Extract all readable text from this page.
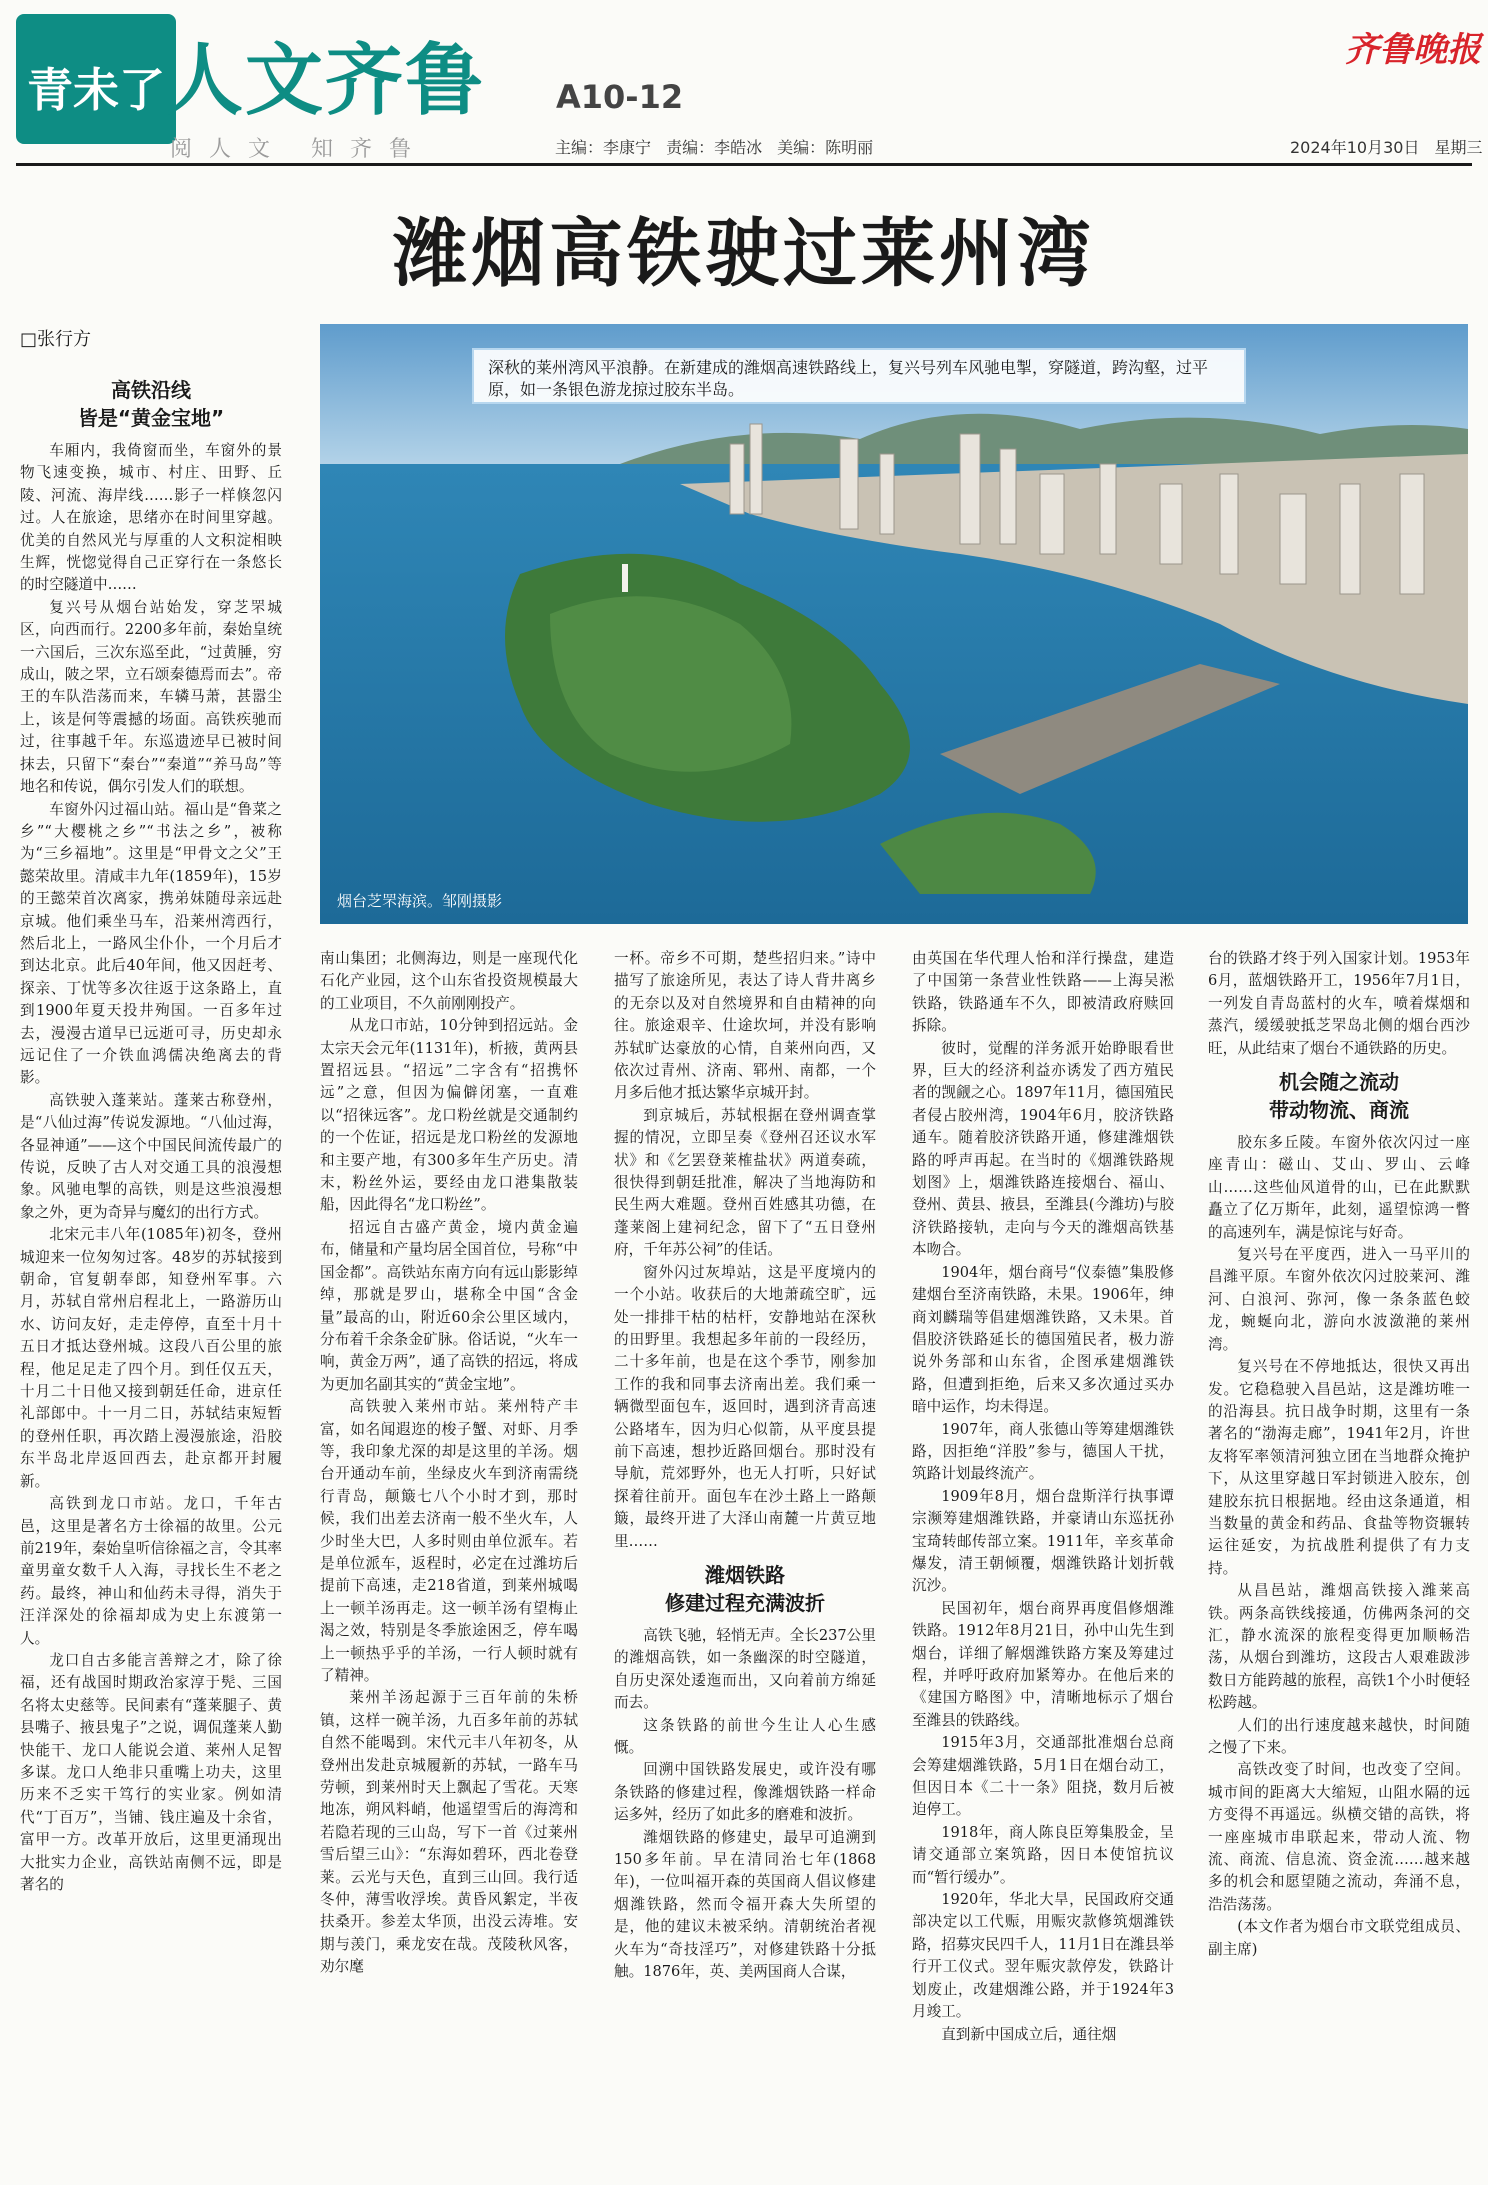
青未了 人文齐鲁 A10-12
阅人文 知齐鲁	主编：李康宁 责编：李皓冰 美编：陈明丽
齐鲁晚报
2024年10月30日 星期三
潍烟高铁驶过莱州湾
□张行方
深秋的莱州湾风平浪静。在新建成的潍烟高速铁路线上，复兴号列车风驰电掣，穿隧道，跨沟壑，过平原，如一条银色游龙掠过胶东半岛。
烟台芝罘海滨。邹刚摄影
高铁沿线
皆是“黄金宝地”

车厢内，我倚窗而坐，车窗外的景物飞速变换，城市、村庄、田野、丘陵、河流、海岸线……影子一样倏忽闪过。人在旅途，思绪亦在时间里穿越。优美的自然风光与厚重的人文积淀相映生辉，恍惚觉得自己正穿行在一条悠长的时空隧道中……

复兴号从烟台站始发，穿芝罘城区，向西而行。2200多年前，秦始皇统一六国后，三次东巡至此，“过黄腄，穷成山，陂之罘，立石颂秦德焉而去”。帝王的车队浩荡而来，车辚马萧，甚嚣尘上，该是何等震撼的场面。高铁疾驰而过，往事越千年。东巡遗迹早已被时间抹去，只留下“秦台”“秦道”“养马岛”等地名和传说，偶尔引发人们的联想。

车窗外闪过福山站。福山是“鲁菜之乡”“大樱桃之乡”“书法之乡”，被称为“三乡福地”。这里是“甲骨文之父”王懿荣故里。清咸丰九年(1859年)，15岁的王懿荣首次离家，携弟妹随母亲远赴京城。他们乘坐马车，沿莱州湾西行，然后北上，一路风尘仆仆，一个月后才到达北京。此后40年间，他又因赶考、探亲、丁忧等多次往返于这条路上，直到1900年夏天投井殉国。一百多年过去，漫漫古道早已远逝可寻，历史却永远记住了一介铁血鸿儒决绝离去的背影。

高铁驶入蓬莱站。蓬莱古称登州，是“八仙过海”传说发源地。“八仙过海，各显神通”——这个中国民间流传最广的传说，反映了古人对交通工具的浪漫想象。风驰电掣的高铁，则是这些浪漫想象之外，更为奇异与魔幻的出行方式。

北宋元丰八年(1085年)初冬，登州城迎来一位匆匆过客。48岁的苏轼接到朝命，官复朝奉郎，知登州军事。六月，苏轼自常州启程北上，一路游历山水、访问友好，走走停停，直至十月十五日才抵达登州城。这段八百公里的旅程，他足足走了四个月。到任仅五天，十月二十日他又接到朝廷任命，进京任礼部郎中。十一月二日，苏轼结束短暂的登州任职，再次踏上漫漫旅途，沿胶东半岛北岸返回西去，赴京都开封履新。

高铁到龙口市站。龙口，千年古邑，这里是著名方士徐福的故里。公元前219年，秦始皇听信徐福之言，令其率童男童女数千人入海，寻找长生不老之药。最终，神山和仙药未寻得，消失于汪洋深处的徐福却成为史上东渡第一人。

龙口自古多能言善辩之才，除了徐福，还有战国时期政治家淳于髡、三国名将太史慈等。民间素有“蓬莱腿子、黄县嘴子、掖县鬼子”之说，调侃蓬莱人勤快能干、龙口人能说会道、莱州人足智多谋。龙口人绝非只重嘴上功夫，这里历来不乏实干笃行的实业家。例如清代“丁百万”，当铺、钱庄遍及十余省，富甲一方。改革开放后，这里更涌现出大批实力企业，高铁站南侧不远，即是著名的

南山集团；北侧海边，则是一座现代化石化产业园，这个山东省投资规模最大的工业项目，不久前刚刚投产。

从龙口市站，10分钟到招远站。金太宗天会元年(1131年)，析掖，黄两县置招远县。“招远”二字含有“招携怀远”之意，但因为偏僻闭塞，一直难以“招徕远客”。龙口粉丝就是交通制约的一个佐证，招远是龙口粉丝的发源地和主要产地，有300多年生产历史。清末，粉丝外运，要经由龙口港集散装船，因此得名“龙口粉丝”。

招远自古盛产黄金，境内黄金遍布，储量和产量均居全国首位，号称“中国金都”。高铁站东南方向有远山影影绰绰，那就是罗山，堪称全中国“含金量”最高的山，附近60余公里区域内，分布着千余条金矿脉。俗话说，“火车一响，黄金万两”，通了高铁的招远，将成为更加名副其实的“黄金宝地”。

高铁驶入莱州市站。莱州特产丰富，如名闻遐迩的梭子蟹、对虾、月季等，我印象尤深的却是这里的羊汤。烟台开通动车前，坐绿皮火车到济南需绕行青岛，颠簸七八个小时才到，那时候，我们出差去济南一般不坐火车，人少时坐大巴，人多时则由单位派车。若是单位派车，返程时，必定在过潍坊后提前下高速，走218省道，到莱州城喝上一顿羊汤再走。这一顿羊汤有望梅止渴之效，特别是冬季旅途困乏，停车喝上一顿热乎乎的羊汤，一行人顿时就有了精神。

莱州羊汤起源于三百年前的朱桥镇，这样一碗羊汤，九百多年前的苏轼自然不能喝到。宋代元丰八年初冬，从登州出发赴京城履新的苏轼，一路车马劳顿，到莱州时天上飘起了雪花。天寒地冻，朔风料峭，他遥望雪后的海湾和若隐若现的三山岛，写下一首《过莱州雪后望三山》：“东海如碧环，西北卷登莱。云光与天色，直到三山回。我行适冬仲，薄雪收浮埃。黄昏风絮定，半夜扶桑开。参差太华顶，出没云涛堆。安期与羡门，乘龙安在哉。茂陵秋风客，劝尔麾

一杯。帝乡不可期，楚些招归来。”诗中描写了旅途所见，表达了诗人背井离乡的无奈以及对自然境界和自由精神的向往。旅途艰辛、仕途坎坷，并没有影响苏轼旷达豪放的心情，自莱州向西，又依次过青州、济南、郓州、南都，一个月多后他才抵达繁华京城开封。

到京城后，苏轼根据在登州调查掌握的情况，立即呈奏《登州召还议水军状》和《乞罢登莱榷盐状》两道奏疏，很快得到朝廷批准，解决了当地海防和民生两大难题。登州百姓感其功德，在蓬莱阁上建祠纪念，留下了“五日登州府，千年苏公祠”的佳话。

窗外闪过灰埠站，这是平度境内的一个小站。收获后的大地萧疏空旷，远处一排排干枯的枯杆，安静地站在深秋的田野里。我想起多年前的一段经历，二十多年前，也是在这个季节，刚参加工作的我和同事去济南出差。我们乘一辆微型面包车，返回时，遇到济青高速公路堵车，因为归心似箭，从平度县提前下高速，想抄近路回烟台。那时没有导航，荒郊野外，也无人打听，只好试探着往前开。面包车在沙土路上一路颠簸，最终开进了大泽山南麓一片黄豆地里……

潍烟铁路
修建过程充满波折

高铁飞驰，轻悄无声。全长237公里的潍烟高铁，如一条幽深的时空隧道，自历史深处逶迤而出，又向着前方绵延而去。

这条铁路的前世今生让人心生感慨。

回溯中国铁路发展史，或许没有哪条铁路的修建过程，像潍烟铁路一样命运多舛，经历了如此多的磨难和波折。

潍烟铁路的修建史，最早可追溯到150多年前。早在清同治七年(1868年)，一位叫福开森的英国商人倡议修建烟潍铁路，然而令福开森大失所望的是，他的建议未被采纳。清朝统治者视火车为“奇技淫巧”，对修建铁路十分抵触。1876年，英、美两国商人合谋，

由英国在华代理人怡和洋行操盘，建造了中国第一条营业性铁路——上海吴淞铁路，铁路通车不久，即被清政府赎回拆除。

彼时，觉醒的洋务派开始睁眼看世界，巨大的经济利益亦诱发了西方殖民者的觊觎之心。1897年11月，德国殖民者侵占胶州湾，1904年6月，胶济铁路通车。随着胶济铁路开通，修建潍烟铁路的呼声再起。在当时的《烟潍铁路规划图》上，烟潍铁路连接烟台、福山、登州、黄县、掖县，至潍县(今潍坊)与胶济铁路接轨，走向与今天的潍烟高铁基本吻合。

1904年，烟台商号“仪泰德”集股修建烟台至济南铁路，未果。1906年，绅商刘麟瑞等倡建烟潍铁路，又未果。首倡胶济铁路延长的德国殖民者，极力游说外务部和山东省，企图承建烟潍铁路，但遭到拒绝，后来又多次通过买办暗中运作，均未得逞。

1907年，商人张德山等筹建烟潍铁路，因拒绝“洋股”参与，德国人干扰，筑路计划最终流产。

1909年8月，烟台盘斯洋行执事谭宗濒筹建烟潍铁路，并豪请山东巡抚孙宝琦转邮传部立案。1911年，辛亥革命爆发，清王朝倾覆，烟潍铁路计划折戟沉沙。

民国初年，烟台商界再度倡修烟潍铁路。1912年8月21日，孙中山先生到烟台，详细了解烟潍铁路方案及筹建过程，并呼吁政府加紧筹办。在他后来的《建国方略图》中，清晰地标示了烟台至潍县的铁路线。

1915年3月，交通部批准烟台总商会筹建烟潍铁路，5月1日在烟台动工，但因日本《二十一条》阻挠，数月后被迫停工。

1918年，商人陈良臣筹集股金，呈请交通部立案筑路，因日本使馆抗议而“暂行缓办”。

1920年，华北大旱，民国政府交通部决定以工代赈，用赈灾款修筑烟潍铁路，招募灾民四千人，11月1日在潍县举行开工仪式。翌年赈灾款停发，铁路计划废止，改建烟潍公路，并于1924年3月竣工。

直到新中国成立后，通往烟

台的铁路才终于列入国家计划。1953年6月，蓝烟铁路开工，1956年7月1日，一列发自青岛蓝村的火车，喷着煤烟和蒸汽，缓缓驶抵芝罘岛北侧的烟台西沙旺，从此结束了烟台不通铁路的历史。

机会随之流动
带动物流、商流

胶东多丘陵。车窗外依次闪过一座座青山：磁山、艾山、罗山、云峰山……这些仙风道骨的山，已在此默默矗立了亿万斯年，此刻，遥望惊鸿一瞥的高速列车，满是惊诧与好奇。

复兴号在平度西，进入一马平川的昌潍平原。车窗外依次闪过胶莱河、潍河、白浪河、弥河，像一条条蓝色蛟龙，蜿蜒向北，游向水波潋滟的莱州湾。

复兴号在不停地抵达，很快又再出发。它稳稳驶入昌邑站，这是潍坊唯一的沿海县。抗日战争时期，这里有一条著名的“渤海走廊”，1941年2月，许世友将军率领清河独立团在当地群众掩护下，从这里穿越日军封锁进入胶东，创建胶东抗日根据地。经由这条通道，相当数量的黄金和药品、食盐等物资辗转运往延安，为抗战胜利提供了有力支持。

从昌邑站，潍烟高铁接入潍莱高铁。两条高铁线接通，仿佛两条河的交汇，静水流深的旅程变得更加顺畅浩荡，从烟台到潍坊，这段古人艰难跋涉数日方能跨越的旅程，高铁1个小时便轻松跨越。

人们的出行速度越来越快，时间随之慢了下来。

高铁改变了时间，也改变了空间。城市间的距离大大缩短，山阻水隔的远方变得不再遥远。纵横交错的高铁，将一座座城市串联起来，带动人流、物流、商流、信息流、资金流……越来越多的机会和愿望随之流动，奔涌不息，浩浩荡荡。

(本文作者为烟台市文联党组成员、副主席)
